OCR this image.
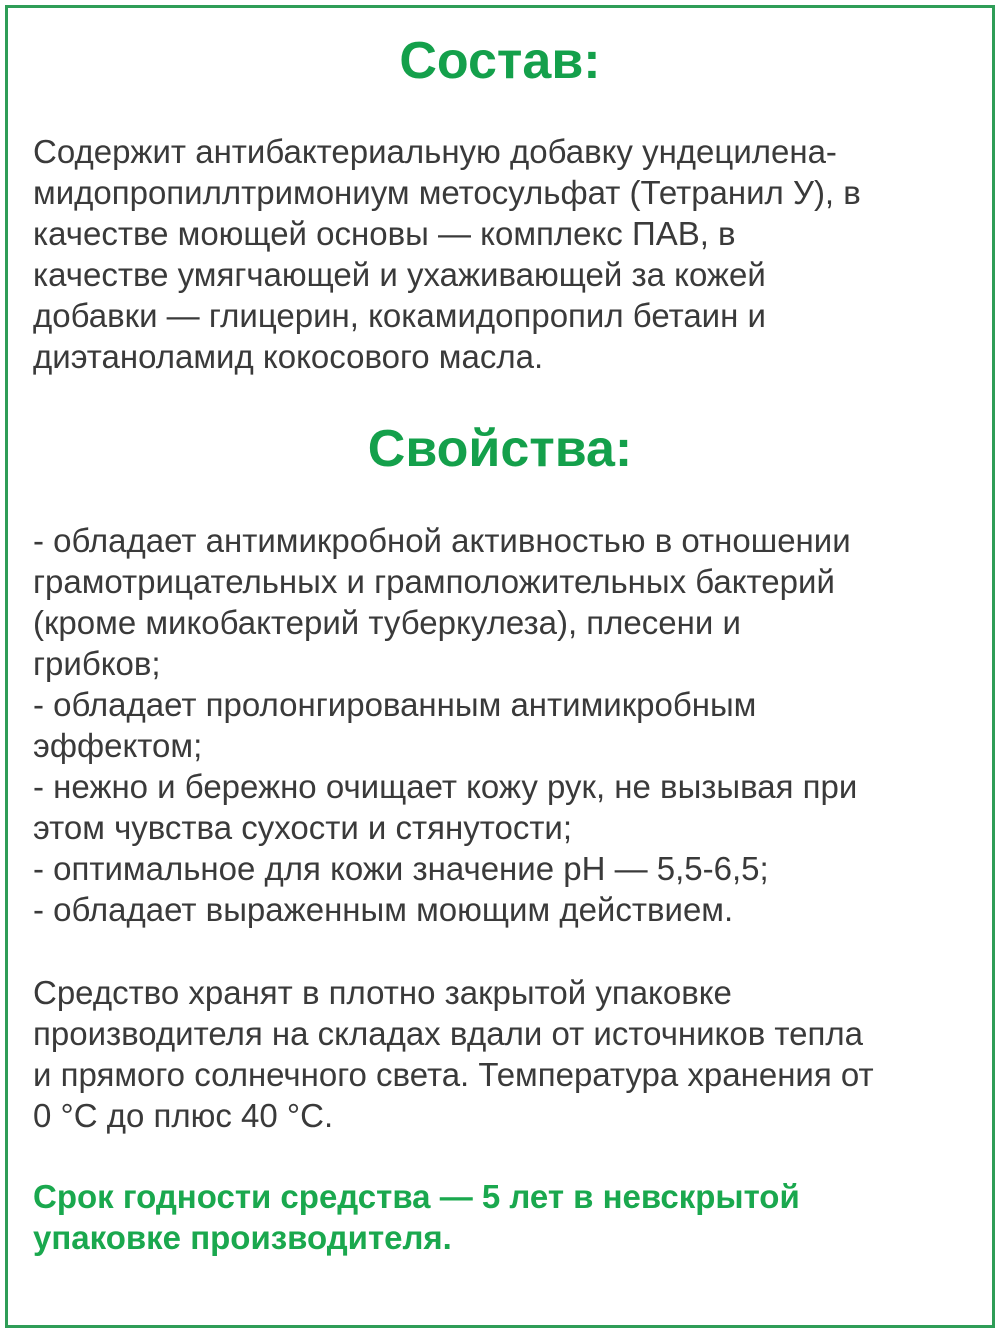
Состав:

Содержит антибактериальную добавку ундецилена-
мидопропиллтримониум метосульфат (Тетранил У), в
качестве моющей основы — комплекс ПАВ, в
качестве умягчающей и ухаживающей за кожей
добавки — глицерин, кокамидопропил бетаин и
диэтаноламид кокосового масла.

Свойства:

- обладает антимикробной активностью в отношении
грамотрицательных и грамположительных бактерий
(кроме микобактерий туберкулеза), плесени и
грибков;
- обладает пролонгированным антимикробным
эффектом;
- нежно и бережно очищает кожу рук, не вызывая при
этом чувства сухости и стянутости;
- оптимальное для кожи значение pH — 5,5-6,5;
- обладает выраженным моющим действием.

Средство хранят в плотно закрытой упаковке
производителя на складах вдали от источников тепла
и прямого солнечного света. Температура хранения от
0 °С до плюс 40 °С.

Срок годности средства — 5 лет в невскрытой
упаковке производителя.
